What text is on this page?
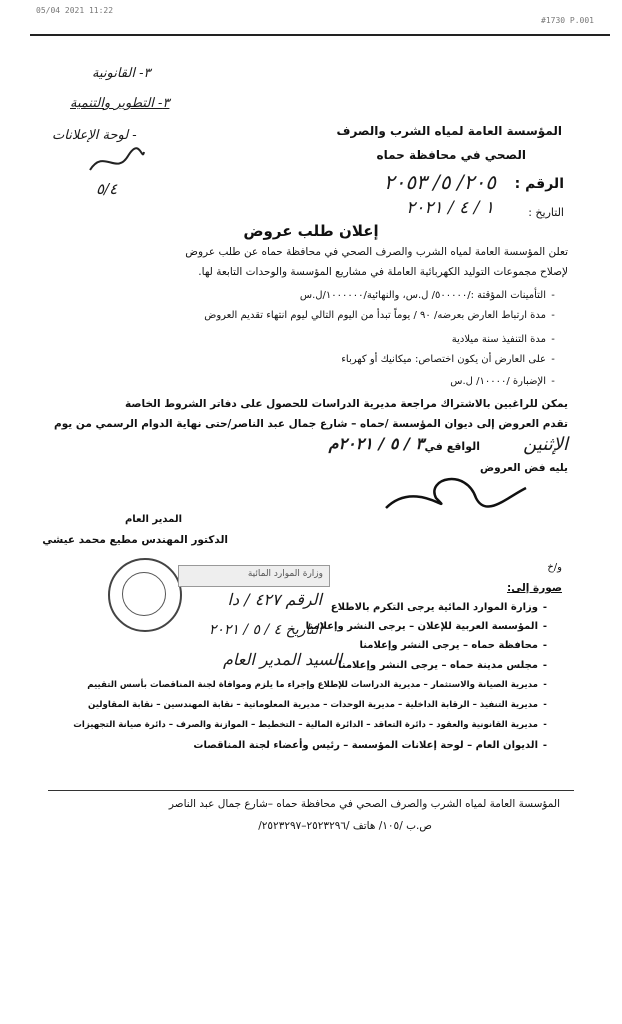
05/04 2021 11:22
#1730 P.001
٣- القانونية
٣- التطوير والتنمية
- لوحة الإعلانات
٥/٤
المؤسسة العامة لمياه الشرب والصرف
الصحي في محافظة حماه
الرقم :
٢٠٥/ ٥/ ٢٠٥٣
التاريخ :
١ / ٤ / ٢٠٢١
إعلان طلب عروض
تعلن المؤسسة العامة لمياه الشرب والصرف الصحي في محافظة حماه عن طلب عروض
لإصلاح مجموعات التوليد الكهربائية العاملة في مشاريع المؤسسة والوحدات التابعة لها.
-التأمينات المؤقتة :/٥٠٠٠٠٠/ ل.س، والنهائية/١٠٠٠٠٠٠/ل.س
-مدة ارتباط العارض بعرضه/ ٩٠ / يوماً تبدأ من اليوم التالي ليوم انتهاء تقديم العروض
-مدة التنفيذ سنة ميلادية
-على العارض أن يكون اختصاص: ميكانيك أو كهرباء
-الإضبارة /١٠٠٠٠/ ل.س
يمكن للراغبين بالاشتراك مراجعة مديرية الدراسات للحصول على دفاتر الشروط الخاصة
تقدم العروض إلى ديوان المؤسسة /حماه – شارع جمال عبد الناصر/حتى نهاية الدوام الرسمي من يوم
الإثنين
الواقع في
٣ / ٥ / ٢٠٢١م
يليه فض العروض
المدير العام
الدكتور المهندس مطيع محمد عيشي
وزارة الموارد المائية
الرقم ٤٢٧ / دا
التاريخ ٤ / ٥ / ٢٠٢١
السيد المدير العام
و/خ
صورة إلى:
-وزارة الموارد المائية يرجى التكرم بالاطلاع
-المؤسسة العربية للإعلان – يرجى النشر وإعلامنا
-محافظة حماه – يرجى النشر وإعلامنا
-مجلس مدينة حماه – يرجى النشر وإعلامنا
-مديرية الصيانة والاستثمار – مديرية الدراسات للإطلاع وإجراء ما يلزم وموافاة لجنة المناقصات بأسس التقييم
-مديرية التنفيذ – الرقابة الداخلية – مديرية الوحدات – مديرية المعلوماتية – نقابة المهندسين – نقابة المقاولين
-مديرية القانونية والعقود – دائرة التعاقد – الدائرة المالية – التخطيط – الموازنة والصرف – دائرة صيانة التجهيزات
-الديوان العام – لوحة إعلانات المؤسسة – رئيس وأعضاء لجنة المناقصات
المؤسسة العامة لمياه الشرب والصرف الصحي في محافظة حماه –شارع جمال عبد الناصر
ص.ب /١٠٥/ هاتف /٢٥٢٣٢٩٦–٢٥٢٣٢٩٧/
